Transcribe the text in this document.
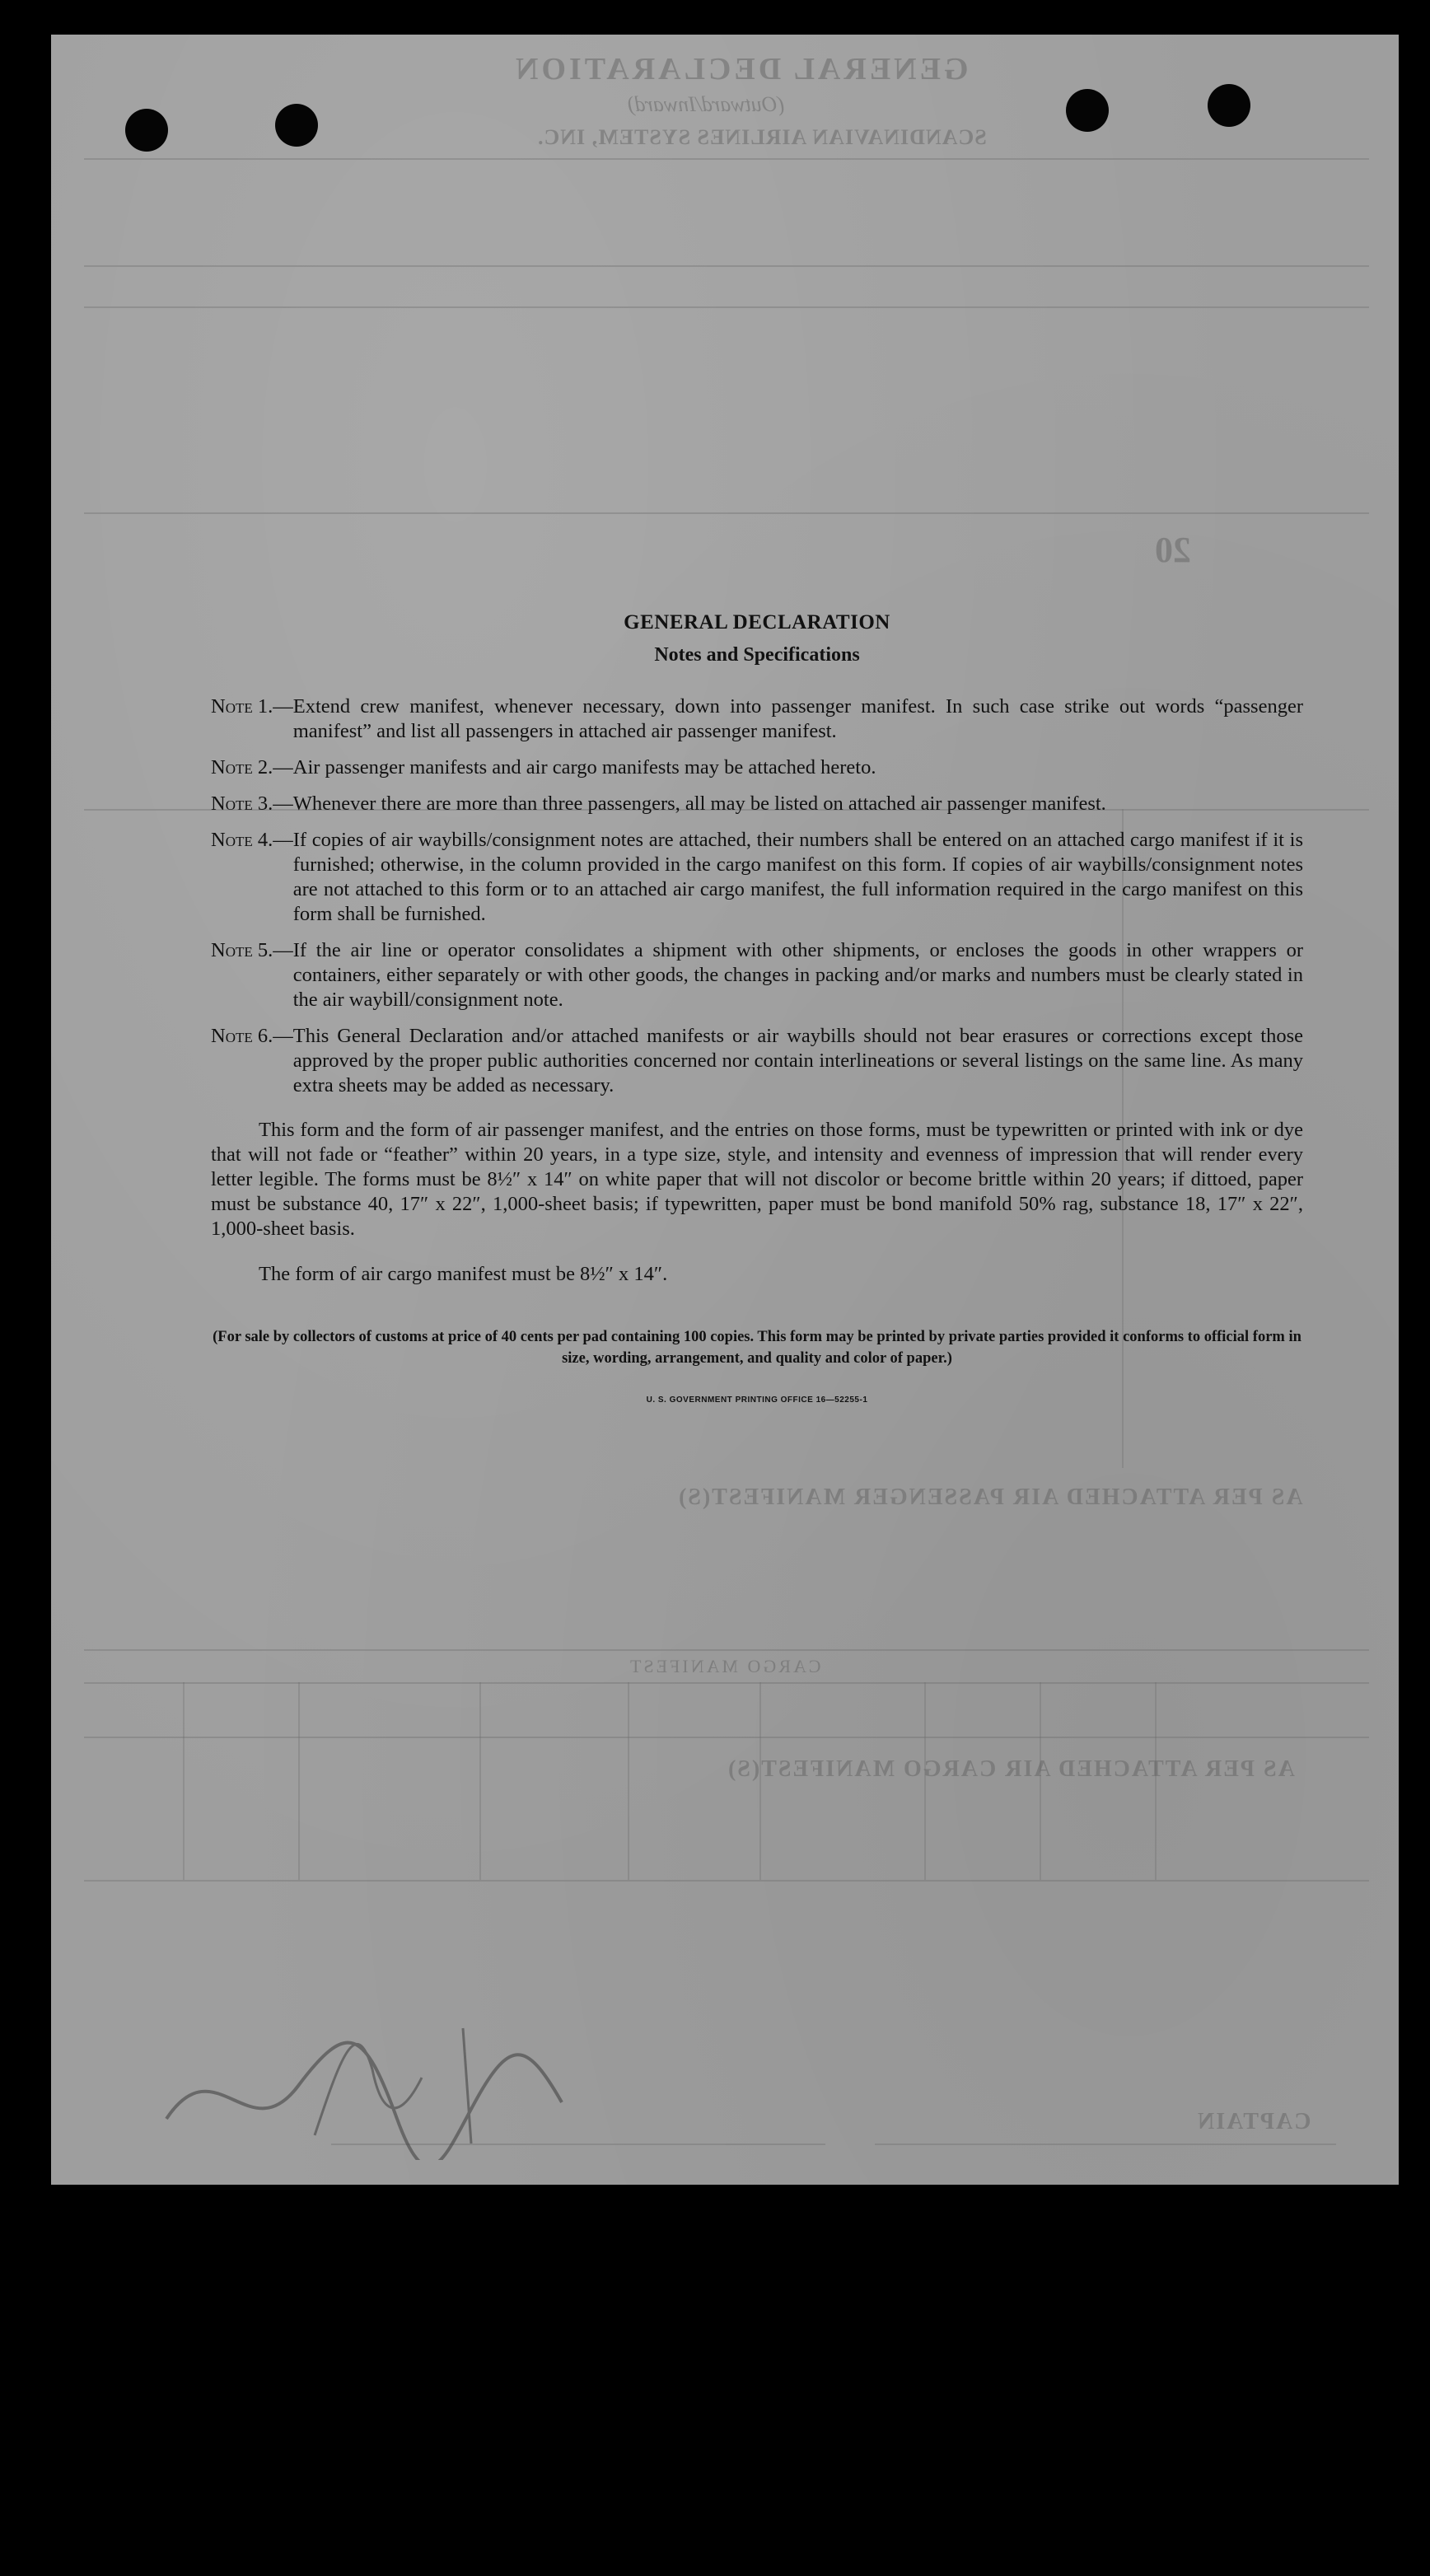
GENERAL DECLARATION
(Outward/Inward)
SCANDINAVIAN AIRLINES SYSTEM, INC.
20
AS PER ATTACHED AIR PASSENGER MANIFEST(S)
CARGO MANIFEST
AS PER ATTACHED AIR CARGO MANIFEST(S)
CAPTAIN
GENERAL DECLARATION
Notes and Specifications
Note 1.— Extend crew manifest, whenever necessary, down into passenger manifest. In such case strike out words “passenger manifest” and list all passengers in attached air passenger manifest.
Note 2.— Air passenger manifests and air cargo manifests may be attached hereto.
Note 3.— Whenever there are more than three passengers, all may be listed on attached air passenger manifest.
Note 4.— If copies of air waybills/consignment notes are attached, their numbers shall be entered on an attached cargo manifest if it is furnished; otherwise, in the column provided in the cargo manifest on this form. If copies of air waybills/consignment notes are not attached to this form or to an attached air cargo manifest, the full information required in the cargo manifest on this form shall be furnished.
Note 5.— If the air line or operator consolidates a shipment with other shipments, or encloses the goods in other wrappers or containers, either separately or with other goods, the changes in packing and/or marks and numbers must be clearly stated in the air waybill/consignment note.
Note 6.— This General Declaration and/or attached manifests or air waybills should not bear erasures or corrections except those approved by the proper public authorities concerned nor contain interlineations or several listings on the same line. As many extra sheets may be added as necessary.

This form and the form of air passenger manifest, and the entries on those forms, must be typewritten or printed with ink or dye that will not fade or “feather” within 20 years, in a type size, style, and intensity and evenness of impression that will render every letter legible. The forms must be 8½″ x 14″ on white paper that will not discolor or become brittle within 20 years; if dittoed, paper must be substance 40, 17″ x 22″, 1,000-sheet basis; if typewritten, paper must be bond manifold 50% rag, substance 18, 17″ x 22″, 1,000-sheet basis.

The form of air cargo manifest must be 8½″ x 14″.

(For sale by collectors of customs at price of 40 cents per pad containing 100 copies. This form may be printed by private parties provided it conforms to official form in size, wording, arrangement, and quality and color of paper.)
U. S. GOVERNMENT PRINTING OFFICE 16—52255-1
